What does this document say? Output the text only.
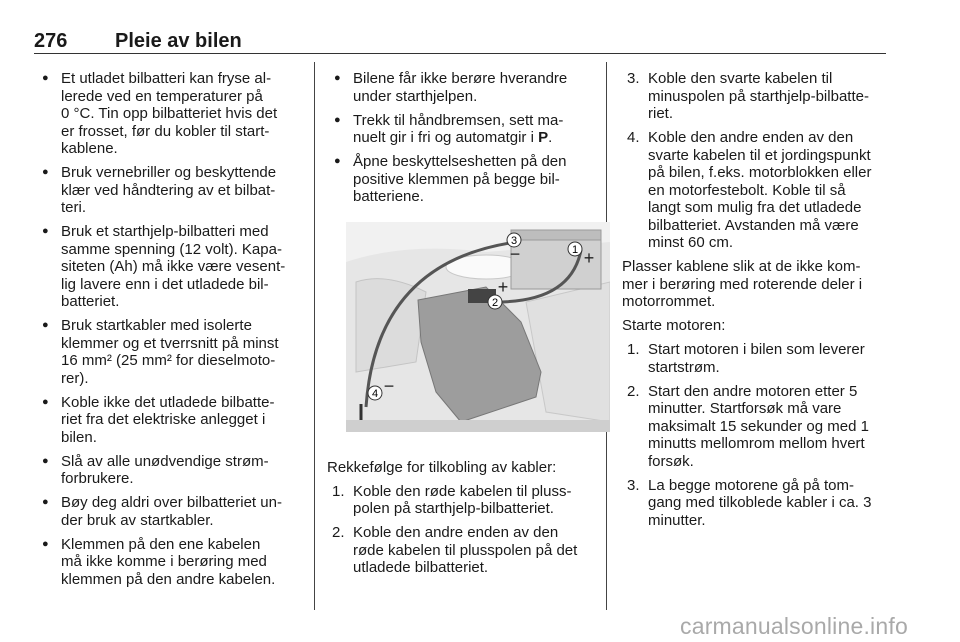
276 Pleie av bilen
● Et utladet bilbatteri kan fryse al-
lerede ved en temperaturer på
0 °C. Tin opp bilbatteriet hvis det
er frosset, før du kobler til start-
kablene.
● Bruk vernebriller og beskyttende
klær ved håndtering av et bilbat-
teri.
● Bruk et starthjelp-bilbatteri med
samme spenning (12 volt). Kapa-
siteten (Ah) må ikke være vesent-
lig lavere enn i det utladede bil-
batteriet.
● Bruk startkabler med isolerte
klemmer og et tverrsnitt på minst
16 mm² (25 mm² for dieselmoto-
rer).
● Koble ikke det utladede bilbatte-
riet fra det elektriske anlegget i
bilen.
● Slå av alle unødvendige strøm-
forbrukere.
● Bøy deg aldri over bilbatteriet un-
der bruk av startkabler.
● Klemmen på den ene kabelen
må ikke komme i berøring med
klemmen på den andre kabelen.
● Bilene får ikke berøre hverandre
under starthjelpen.
● Trekk til håndbremsen, sett ma-
nuelt gir i fri og automatgir i P.
● Åpne beskyttelseshetten på den
positive klemmen på begge bil-
batteriene.
1
2
3
4
+
+
−
−
Rekkefølge for tilkobling av kabler:
1. Koble den røde kabelen til pluss-
polen på starthjelp-bilbatteriet.
2. Koble den andre enden av den
røde kabelen til plusspolen på det
utladede bilbatteriet.
3. Koble den svarte kabelen til
minuspolen på starthjelp-bilbatte-
riet.
4. Koble den andre enden av den
svarte kabelen til et jordingspunkt
på bilen, f.eks. motorblokken eller
en motorfestebolt. Koble til så
langt som mulig fra det utladede
bilbatteriet. Avstanden må være
minst 60 cm.
Plasser kablene slik at de ikke kom-
mer i berøring med roterende deler i
motorrommet.
Starte motoren:
1. Start motoren i bilen som leverer
startstrøm.
2. Start den andre motoren etter 5
minutter. Startforsøk må vare
maksimalt 15 sekunder og med 1
minutts mellomrom mellom hvert
forsøk.
3. La begge motorene gå på tom-
gang med tilkoblede kabler i ca. 3
minutter.
carmanualsonline.info
